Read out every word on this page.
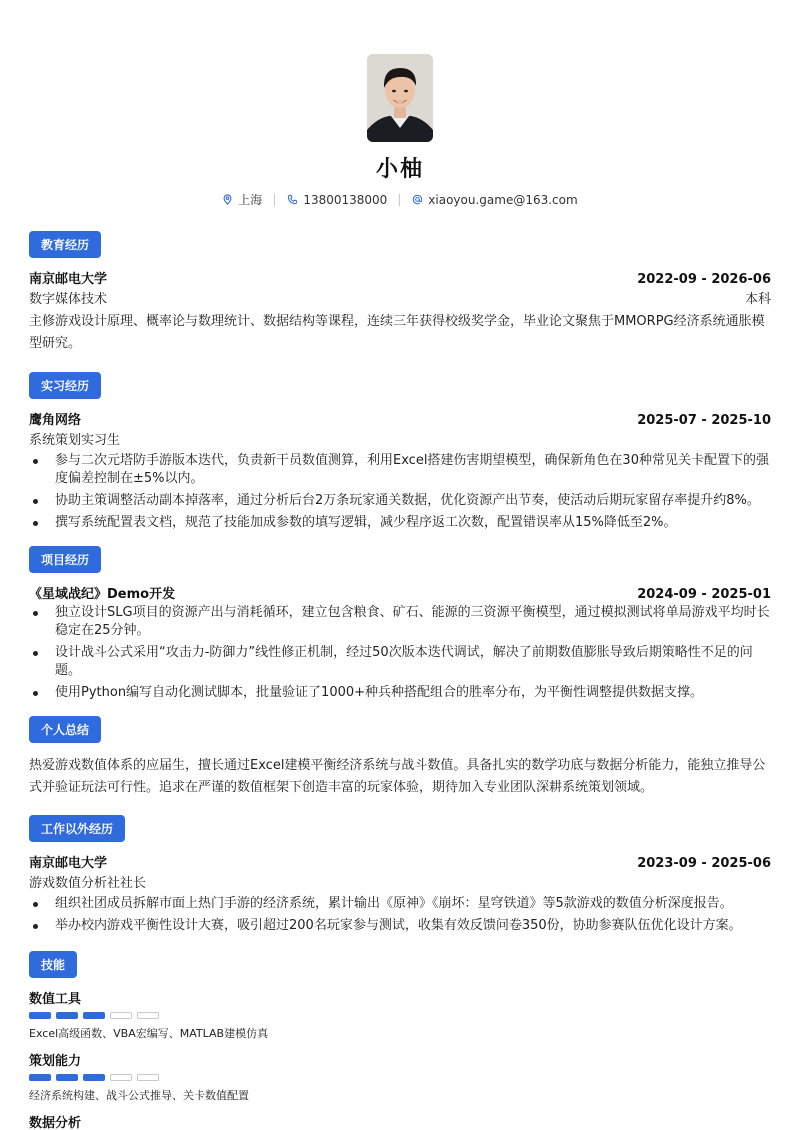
小柚
上海	13800138000	xiaoyou.game@163.com
教育经历
南京邮电大学	2022-09 - 2026-06
数字媒体技术	本科

主修游戏设计原理、概率论与数理统计、数据结构等课程，连续三年获得校级奖学金，毕业论文聚焦于MMORPG经济系统通胀模型研究。

实习经历
鹰角网络	2025-07 - 2025-10
系统策划实习生
参与二次元塔防手游版本迭代，负责新干员数值测算，利用Excel搭建伤害期望模型，确保新角色在30种常见关卡配置下的强度偏差控制在±5%以内。
协助主策调整活动副本掉落率，通过分析后台2万条玩家通关数据，优化资源产出节奏，使活动后期玩家留存率提升约8%。
撰写系统配置表文档，规范了技能加成参数的填写逻辑，减少程序返工次数，配置错误率从15%降低至2%。
项目经历
《星域战纪》Demo开发	2024-09 - 2025-01
独立设计SLG项目的资源产出与消耗循环，建立包含粮食、矿石、能源的三资源平衡模型，通过模拟测试将单局游戏平均时长稳定在25分钟。
设计战斗公式采用“攻击力-防御力”线性修正机制，经过50次版本迭代调试，解决了前期数值膨胀导致后期策略性不足的问题。
使用Python编写自动化测试脚本，批量验证了1000+种兵种搭配组合的胜率分布，为平衡性调整提供数据支撑。
个人总结

热爱游戏数值体系的应届生，擅长通过Excel建模平衡经济系统与战斗数值。具备扎实的数学功底与数据分析能力，能独立推导公式并验证玩法可行性。追求在严谨的数值框架下创造丰富的玩家体验，期待加入专业团队深耕系统策划领域。

工作以外经历
南京邮电大学	2023-09 - 2025-06
游戏数值分析社社长
组织社团成员拆解市面上热门手游的经济系统，累计输出《原神》《崩坏：星穹铁道》等5款游戏的数值分析深度报告。
举办校内游戏平衡性设计大赛，吸引超过200名玩家参与测试，收集有效反馈问卷350份，协助参赛队伍优化设计方案。
技能
数值工具
Excel高级函数、VBA宏编写、MATLAB建模仿真
策划能力
经济系统构建、战斗公式推导、关卡数值配置
数据分析
